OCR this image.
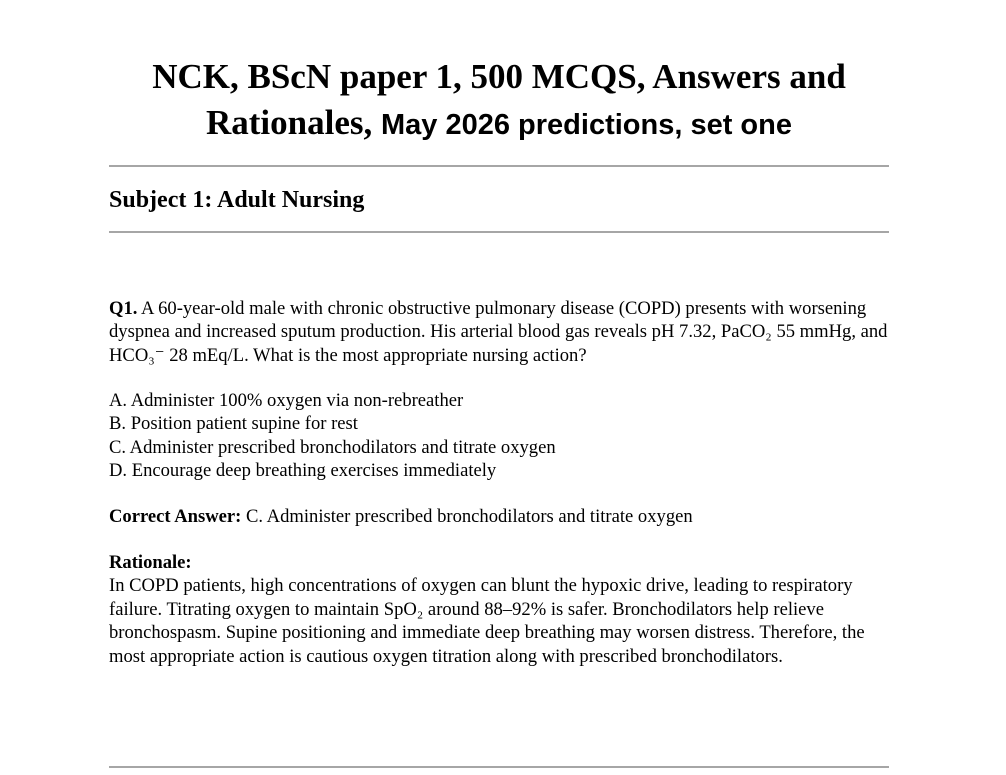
NCK, BScN paper 1, 500 MCQS, Answers and
Rationales, May 2026 predictions, set one
Subject 1: Adult Nursing
Q1. A 60-year-old male with chronic obstructive pulmonary disease (COPD) presents with worsening dyspnea and increased sputum production. His arterial blood gas reveals pH 7.32, PaCO₂ 55 mmHg, and HCO₃⁻ 28 mEq/L. What is the most appropriate nursing action?
A. Administer 100% oxygen via non-rebreather
B. Position patient supine for rest
C. Administer prescribed bronchodilators and titrate oxygen
D. Encourage deep breathing exercises immediately
Correct Answer: C. Administer prescribed bronchodilators and titrate oxygen
Rationale:
In COPD patients, high concentrations of oxygen can blunt the hypoxic drive, leading to respiratory failure. Titrating oxygen to maintain SpO₂ around 88–92% is safer. Bronchodilators help relieve bronchospasm. Supine positioning and immediate deep breathing may worsen distress. Therefore, the most appropriate action is cautious oxygen titration along with prescribed bronchodilators.
